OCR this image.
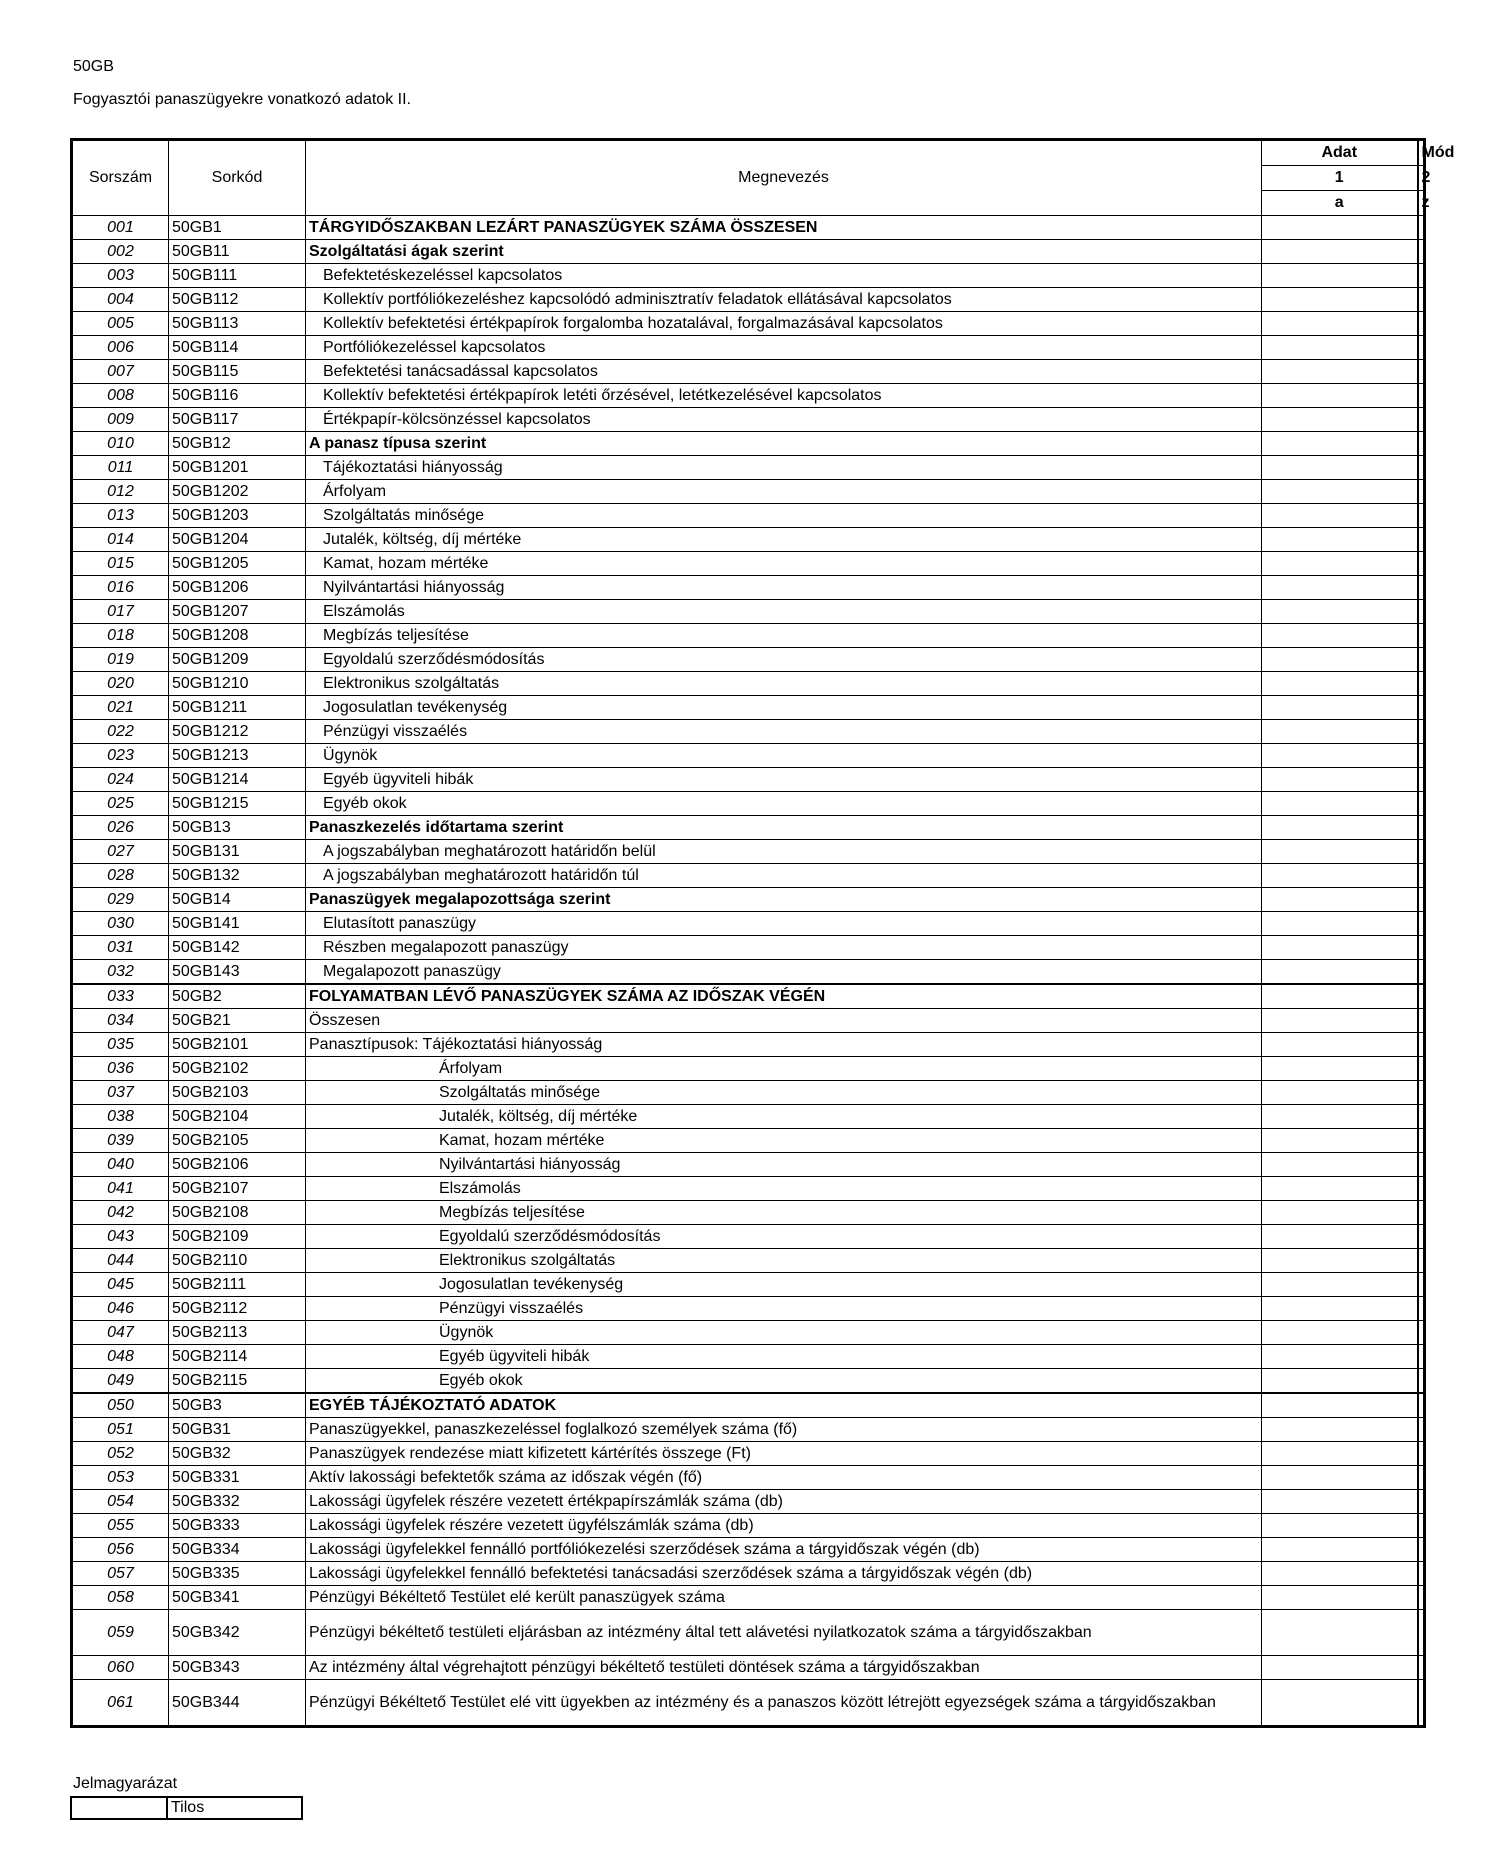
50GB
Fogyasztói panaszügyekre vonatkozó adatok II.
Sorszám	Sorkód	Megnevezés	Adat	Mód
			1	2
			a	z
001	50GB1	TÁRGYIDŐSZAKBAN LEZÁRT PANASZÜGYEK SZÁMA ÖSSZESEN		
002	50GB11	Szolgáltatási ágak szerint		
003	50GB111	Befektetéskezeléssel kapcsolatos		
004	50GB112	Kollektív portfóliókezeléshez kapcsolódó adminisztratív feladatok ellátásával kapcsolatos		
005	50GB113	Kollektív befektetési értékpapírok forgalomba hozatalával, forgalmazásával kapcsolatos		
006	50GB114	Portfóliókezeléssel kapcsolatos		
007	50GB115	Befektetési tanácsadással kapcsolatos		
008	50GB116	Kollektív befektetési értékpapírok letéti őrzésével, letétkezelésével kapcsolatos		
009	50GB117	Értékpapír-kölcsönzéssel kapcsolatos		
010	50GB12	A panasz típusa szerint		
011	50GB1201	Tájékoztatási hiányosság		
012	50GB1202	Árfolyam		
013	50GB1203	Szolgáltatás minősége		
014	50GB1204	Jutalék, költség, díj mértéke		
015	50GB1205	Kamat, hozam mértéke		
016	50GB1206	Nyilvántartási hiányosság		
017	50GB1207	Elszámolás		
018	50GB1208	Megbízás teljesítése		
019	50GB1209	Egyoldalú szerződésmódosítás		
020	50GB1210	Elektronikus szolgáltatás		
021	50GB1211	Jogosulatlan tevékenység		
022	50GB1212	Pénzügyi visszaélés		
023	50GB1213	Ügynök		
024	50GB1214	Egyéb ügyviteli hibák		
025	50GB1215	Egyéb okok		
026	50GB13	Panaszkezelés időtartama szerint		
027	50GB131	A jogszabályban meghatározott határidőn belül		
028	50GB132	A jogszabályban meghatározott határidőn túl		
029	50GB14	Panaszügyek megalapozottsága szerint		
030	50GB141	Elutasított panaszügy		
031	50GB142	Részben megalapozott panaszügy		
032	50GB143	Megalapozott panaszügy		
033	50GB2	FOLYAMATBAN LÉVŐ PANASZÜGYEK SZÁMA AZ IDŐSZAK VÉGÉN		
034	50GB21	Összesen		
035	50GB2101	Panasztípusok: Tájékoztatási hiányosság		
036	50GB2102	Árfolyam		
037	50GB2103	Szolgáltatás minősége		
038	50GB2104	Jutalék, költség, díj mértéke		
039	50GB2105	Kamat, hozam mértéke		
040	50GB2106	Nyilvántartási hiányosság		
041	50GB2107	Elszámolás		
042	50GB2108	Megbízás teljesítése		
043	50GB2109	Egyoldalú szerződésmódosítás		
044	50GB2110	Elektronikus szolgáltatás		
045	50GB2111	Jogosulatlan tevékenység		
046	50GB2112	Pénzügyi visszaélés		
047	50GB2113	Ügynök		
048	50GB2114	Egyéb ügyviteli hibák		
049	50GB2115	Egyéb okok		
050	50GB3	EGYÉB TÁJÉKOZTATÓ ADATOK		
051	50GB31	Panaszügyekkel, panaszkezeléssel foglalkozó személyek száma (fő)		
052	50GB32	Panaszügyek rendezése miatt kifizetett kártérítés összege (Ft)		
053	50GB331	Aktív lakossági befektetők száma az időszak végén (fő)		
054	50GB332	Lakossági ügyfelek részére vezetett értékpapírszámlák száma (db)		
055	50GB333	Lakossági ügyfelek részére vezetett ügyfélszámlák száma (db)		
056	50GB334	Lakossági ügyfelekkel fennálló portfóliókezelési szerződések száma a tárgyidőszak végén (db)		
057	50GB335	Lakossági ügyfelekkel fennálló befektetési tanácsadási szerződések száma a tárgyidőszak végén (db)		
058	50GB341	Pénzügyi Békéltető Testület elé került panaszügyek száma		
059	50GB342	Pénzügyi békéltető testületi eljárásban az intézmény által tett alávetési nyilatkozatok száma a tárgyidőszakban		
060	50GB343	Az intézmény által végrehajtott pénzügyi békéltető testületi döntések száma a tárgyidőszakban		
061	50GB344	Pénzügyi Békéltető Testület elé vitt ügyekben az intézmény és a panaszos között létrejött egyezségek száma a tárgyidőszakban		
Jelmagyarázat
	Tilos
